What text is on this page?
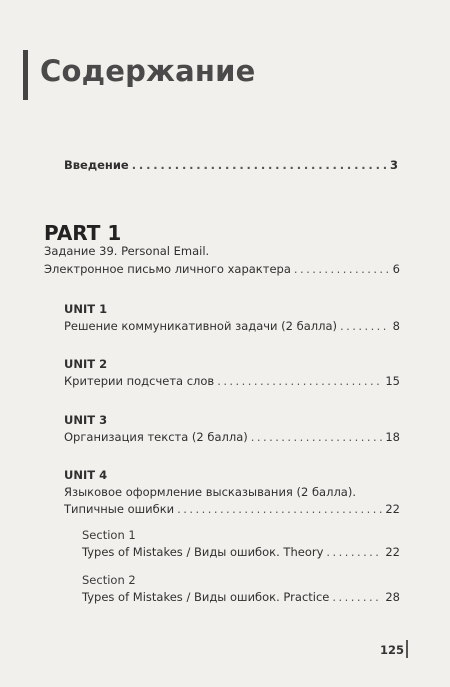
Содержание
Введение . . .	3
PART 1
Задание 39. Personal Email.
Электронное письмо личного характера . . .	6
UNIT 1
Решение коммуникативной задачи (2 балла) . . .	8
UNIT 2
Критерии подсчета слов . . .	15
UNIT 3
Организация текста (2 балла) . . .	18
UNIT 4
Языковое оформление высказывания (2 балла).
Типичные ошибки . . .	22
Section 1
Types of Mistakes / Виды ошибок. Theory . . .	22
Section 2
Types of Mistakes / Виды ошибок. Practice . . .	28
125
